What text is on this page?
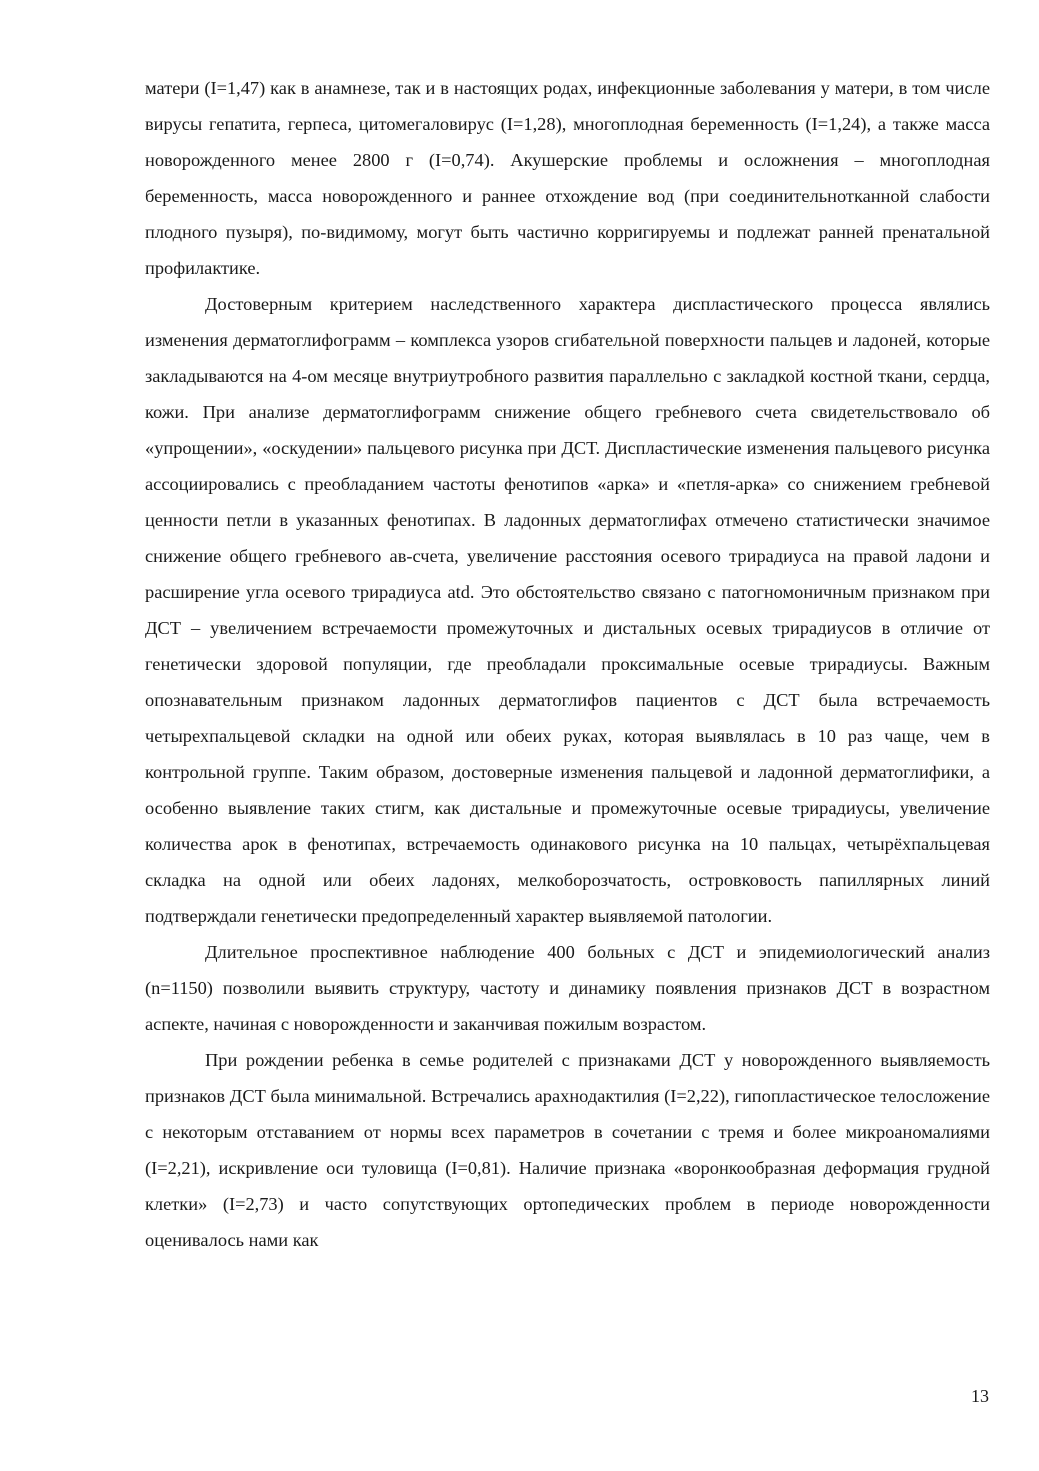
матери (I=1,47) как в анамнезе, так и в настоящих родах, инфекционные заболевания у матери, в том числе вирусы гепатита, герпеса, цитомегаловирус (I=1,28), многоплодная беременность (I=1,24), а также масса новорожденного менее 2800 г (I=0,74). Акушерские проблемы и осложнения – многоплодная беременность, масса новорожденного и раннее отхождение вод (при соединительнотканной слабости плодного пузыря), по-видимому, могут быть частично корригируемы и подлежат ранней пренатальной профилактике.

Достоверным критерием наследственного характера диспластического процесса являлись изменения дерматоглифограмм – комплекса узоров сгибательной поверхности пальцев и ладоней, которые закладываются на 4-ом месяце внутриутробного развития параллельно с закладкой костной ткани, сердца, кожи. При анализе дерматоглифограмм снижение общего гребневого счета свидетельствовало об «упрощении», «оскудении» пальцевого рисунка при ДСТ. Диспластические изменения пальцевого рисунка ассоциировались с преобладанием частоты фенотипов «арка» и «петля-арка» со снижением гребневой ценности петли в указанных фенотипах. В ладонных дерматоглифах отмечено статистически значимое снижение общего гребневого ав-счета, увеличение расстояния осевого трирадиуса на правой ладони и расширение угла осевого трирадиуса atd. Это обстоятельство связано с патогномоничным признаком при ДСТ – увеличением встречаемости промежуточных и дистальных осевых трирадиусов в отличие от генетически здоровой популяции, где преобладали проксимальные осевые трирадиусы. Важным опознавательным признаком ладонных дерматоглифов пациентов с ДСТ была встречаемость четырехпальцевой складки на одной или обеих руках, которая выявлялась в 10 раз чаще, чем в контрольной группе. Таким образом, достоверные изменения пальцевой и ладонной дерматоглифики, а особенно выявление таких стигм, как дистальные и промежуточные осевые трирадиусы, увеличение количества арок в фенотипах, встречаемость одинакового рисунка на 10 пальцах, четырёхпальцевая складка на одной или обеих ладонях, мелкоборозчатость, островковость папиллярных линий подтверждали генетически предопределенный характер выявляемой патологии.

Длительное проспективное наблюдение 400 больных с ДСТ и эпидемиологический анализ (n=1150) позволили выявить структуру, частоту и динамику появления признаков ДСТ в возрастном аспекте, начиная с новорожденности и заканчивая пожилым возрастом.

При рождении ребенка в семье родителей с признаками ДСТ у новорожденного выявляемость признаков ДСТ была минимальной. Встречались арахнодактилия (I=2,22), гипопластическое телосложение с некоторым отставанием от нормы всех параметров в сочетании с тремя и более микроаномалиями (I=2,21), искривление оси туловища (I=0,81). Наличие признака «воронкообразная деформация грудной клетки» (I=2,73) и часто сопутствующих ортопедических проблем в периоде новорожденности оценивалось нами как

13
